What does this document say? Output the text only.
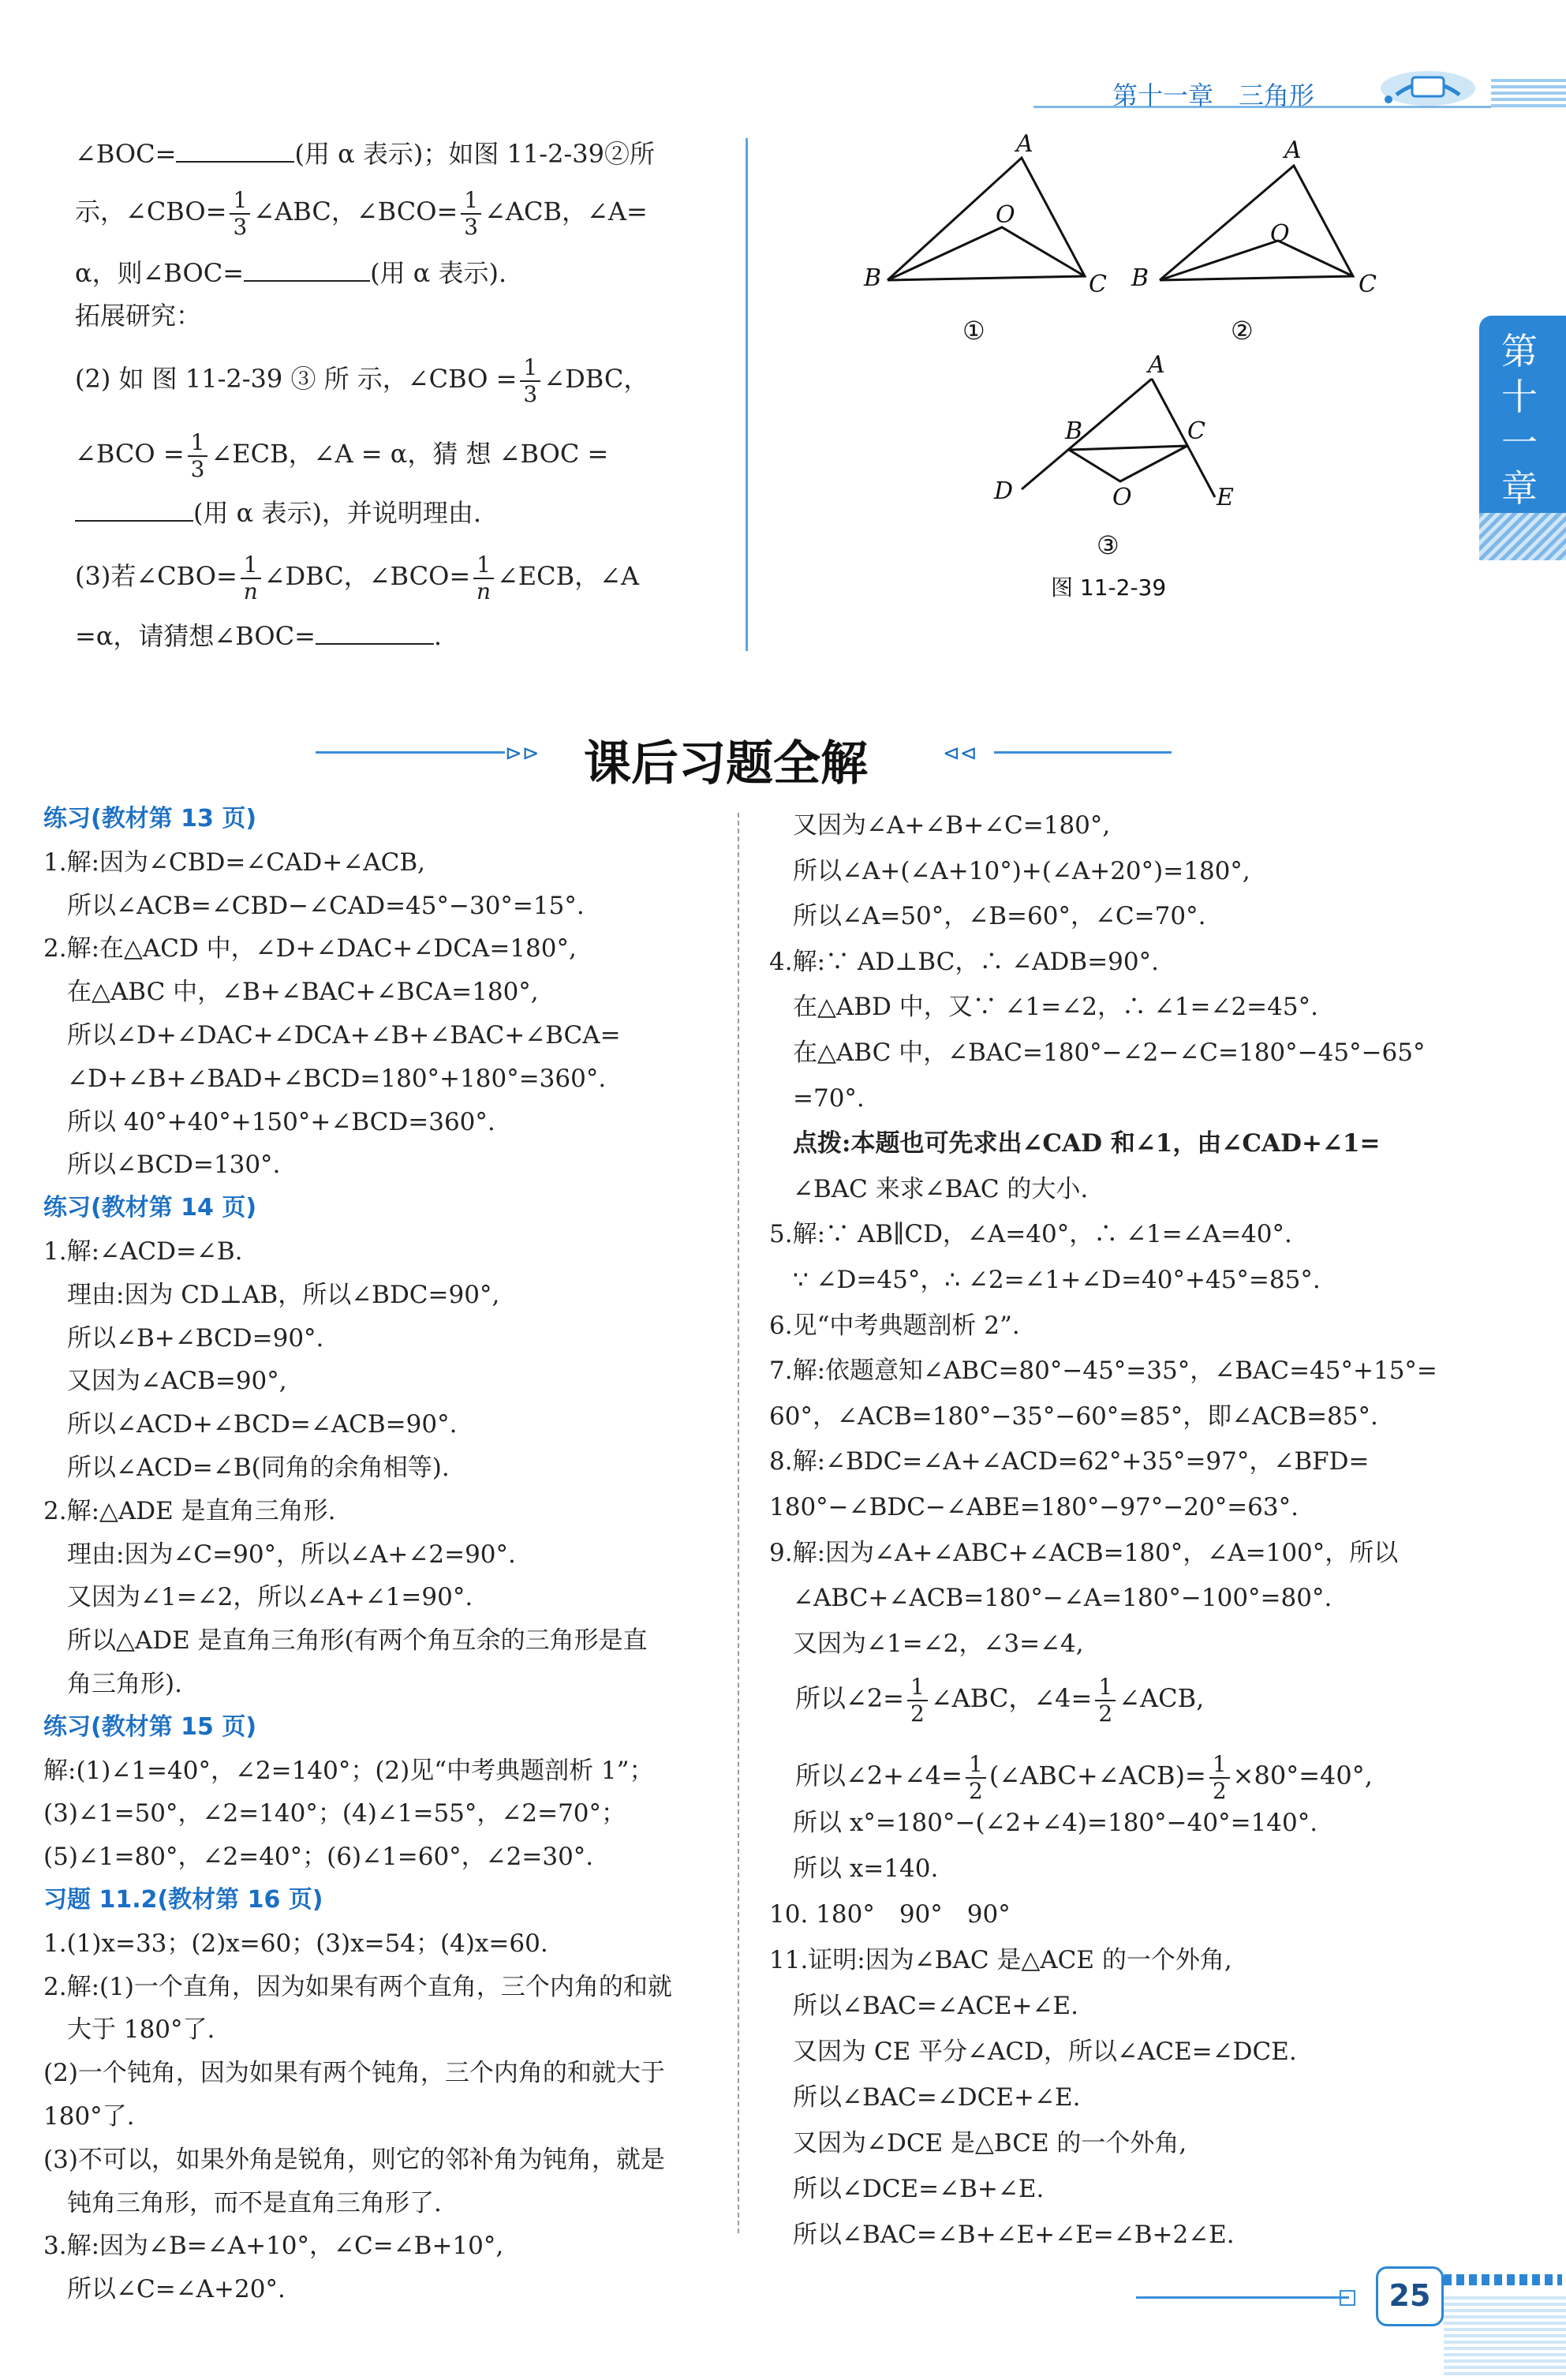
第十一章　三角形
第十一章
∠BOC=	(用 α 表示)；如图 11-2-39②所
示，∠CBO= $\frac{1}{3}$ ∠ABC，∠BCO= $\frac{1}{3}$ ∠ACB，∠A=
α，则∠BOC=	(用 α 表示).
拓展研究：
(2) 如 图 11-2-39 ③ 所 示，∠CBO = $\frac{1}{3}$ ∠DBC，
∠BCO = $\frac{1}{3}$ ∠ECB，∠A = α，猜 想 ∠BOC =
(用 α 表示)，并说明理由.
(3)若∠CBO= $\frac{1}{n}$ ∠DBC，∠BCO= $\frac{1}{n}$ ∠ECB，∠A
=α，请猜想∠BOC=	.
A
O
B	C
①
A
O
B	C
②
A
B	C
D	O	E
③
图 11-2-39
⊳⊳ 课后习题全解	⊲⊲
练习(教材第 13 页)
1.解:因为∠CBD=∠CAD+∠ACB,
所以∠ACB=∠CBD−∠CAD=45°−30°=15°.
2.解:在△ACD 中，∠D+∠DAC+∠DCA=180°,
在△ABC 中，∠B+∠BAC+∠BCA=180°,
所以∠D+∠DAC+∠DCA+∠B+∠BAC+∠BCA=
∠D+∠B+∠BAD+∠BCD=180°+180°=360°.
所以 40°+40°+150°+∠BCD=360°.
所以∠BCD=130°.
练习(教材第 14 页)
1.解:∠ACD=∠B.
理由:因为 CD⊥AB，所以∠BDC=90°,
所以∠B+∠BCD=90°.
又因为∠ACB=90°,
所以∠ACD+∠BCD=∠ACB=90°.
所以∠ACD=∠B(同角的余角相等).
2.解:△ADE 是直角三角形.
理由:因为∠C=90°，所以∠A+∠2=90°.
又因为∠1=∠2，所以∠A+∠1=90°.
所以△ADE 是直角三角形(有两个角互余的三角形是直
角三角形).
练习(教材第 15 页)
解:(1)∠1=40°，∠2=140°；(2)见“中考典题剖析 1”；
(3)∠1=50°，∠2=140°；(4)∠1=55°，∠2=70°；
(5)∠1=80°，∠2=40°；(6)∠1=60°，∠2=30°.
习题 11.2(教材第 16 页)
1.(1)x=33；(2)x=60；(3)x=54；(4)x=60.
2.解:(1)一个直角，因为如果有两个直角，三个内角的和就
大于 180°了.
(2)一个钝角，因为如果有两个钝角，三个内角的和就大于
180°了.
(3)不可以，如果外角是锐角，则它的邻补角为钝角，就是
钝角三角形，而不是直角三角形了.
3.解:因为∠B=∠A+10°，∠C=∠B+10°,
所以∠C=∠A+20°.
又因为∠A+∠B+∠C=180°,
所以∠A+(∠A+10°)+(∠A+20°)=180°,
所以∠A=50°，∠B=60°，∠C=70°.
4.解:∵ AD⊥BC，∴ ∠ADB=90°.
在△ABD 中，又∵ ∠1=∠2，∴ ∠1=∠2=45°.
在△ABC 中，∠BAC=180°−∠2−∠C=180°−45°−65°
=70°.
点拨:本题也可先求出∠CAD 和∠1，由∠CAD+∠1=
∠BAC 来求∠BAC 的大小.
5.解:∵ AB∥CD，∠A=40°，∴ ∠1=∠A=40°.
∵ ∠D=45°，∴ ∠2=∠1+∠D=40°+45°=85°.
6.见“中考典题剖析 2”.
7.解:依题意知∠ABC=80°−45°=35°，∠BAC=45°+15°=
60°，∠ACB=180°−35°−60°=85°，即∠ACB=85°.
8.解:∠BDC=∠A+∠ACD=62°+35°=97°，∠BFD=
180°−∠BDC−∠ABE=180°−97°−20°=63°.
9.解:因为∠A+∠ABC+∠ACB=180°，∠A=100°，所以
∠ABC+∠ACB=180°−∠A=180°−100°=80°.
又因为∠1=∠2，∠3=∠4,
所以∠2= $\frac{1}{2}$ ∠ABC，∠4= $\frac{1}{2}$ ∠ACB,
所以∠2+∠4= $\frac{1}{2}$ (∠ABC+∠ACB)= $\frac{1}{2} \times 80^\circ=40^\circ$,
所以 x°=180°−(∠2+∠4)=180°−40°=140°.
所以 x=140.
10. 180°　90°　90°
11.证明:因为∠BAC 是△ACE 的一个外角,
所以∠BAC=∠ACE+∠E.
又因为 CE 平分∠ACD，所以∠ACE=∠DCE.
所以∠BAC=∠DCE+∠E.
又因为∠DCE 是△BCE 的一个外角,
所以∠DCE=∠B+∠E.
所以∠BAC=∠B+∠E+∠E=∠B+2∠E.
25
